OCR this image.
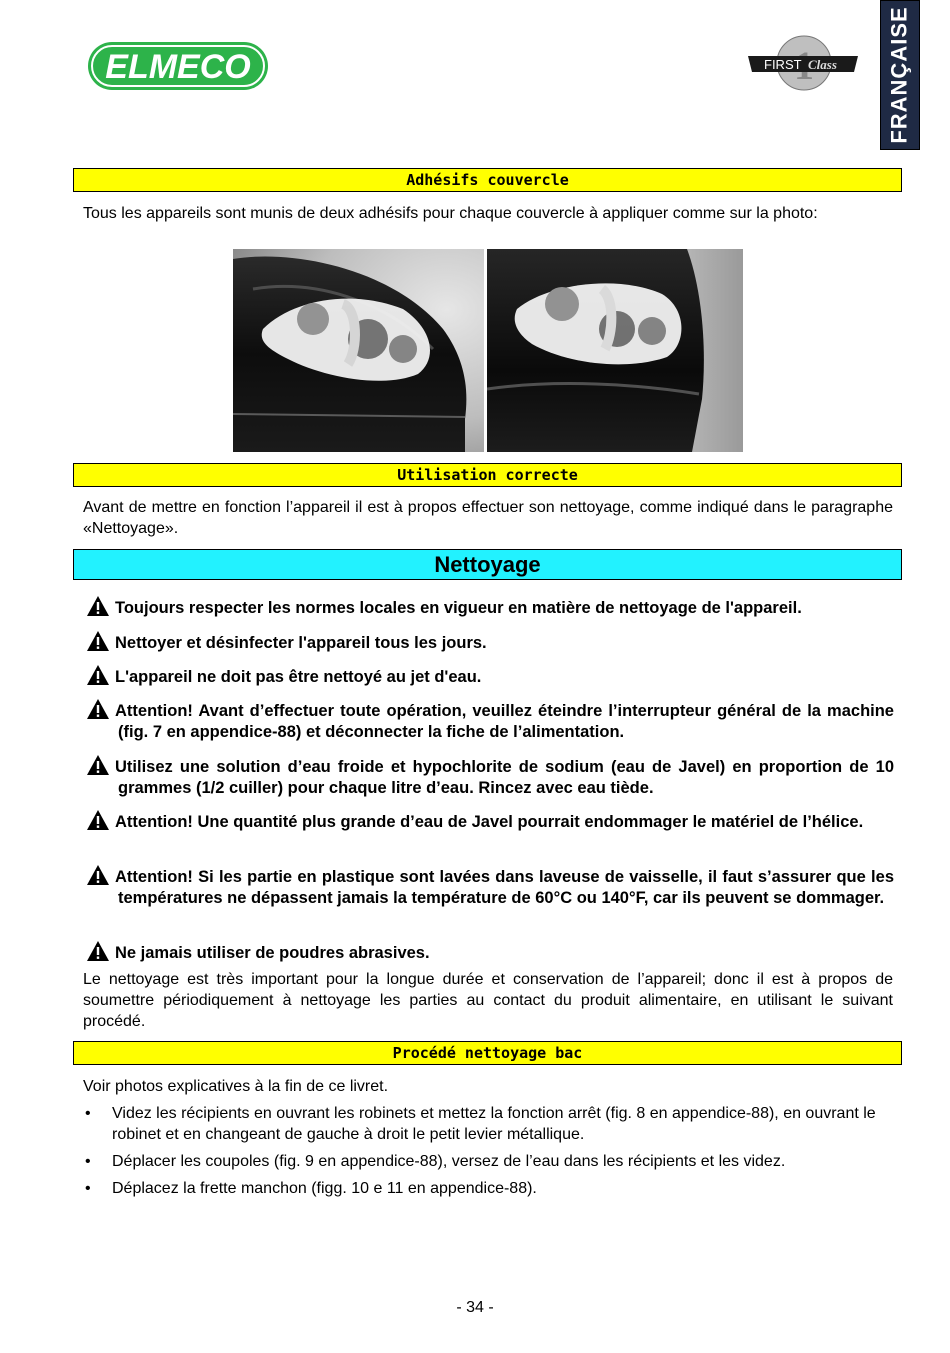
ELMECO	FIRST Class FRANÇAISE
Adhésifs couvercle

Tous les appareils sont munis de deux adhésifs pour chaque couvercle à appliquer comme sur la photo:

Utilisation correcte

Avant de mettre en fonction l’appareil il est à propos effectuer son nettoyage, comme indiqué dans le paragraphe «Nettoyage».

Nettoyage
Toujours respecter les normes locales en vigueur en matière de nettoyage de l'appareil.
Nettoyer et désinfecter l'appareil tous les jours.
L'appareil ne doit pas être nettoyé au jet d'eau.
Attention! Avant d’effectuer toute opération, veuillez éteindre l’interrupteur général de la machine (fig. 7 en appendice-88) et déconnecter la fiche de l’alimentation.
Utilisez une solution d’eau froide et hypochlorite de sodium (eau de Javel) en proportion de 10 grammes (1/2 cuiller) pour chaque litre d’eau. Rincez avec eau tiède.
Attention! Une quantité plus grande d’eau de Javel pourrait endommager le matériel de l’hélice.
Attention! Si les partie en plastique sont lavées dans laveuse de vaisselle, il faut s’assurer que les températures ne dépassent jamais la température de 60°C ou 140°F, car ils peuvent se dommager.
Ne jamais utiliser de poudres abrasives.

Le nettoyage est très important pour la longue durée et conservation de l’appareil; donc il est à propos de soumettre périodiquement à nettoyage les parties au contact du produit alimentaire, en utilisant le suivant procédé.

Procédé nettoyage bac

Voir photos explicatives à la fin de ce livret.

• Videz les récipients en ouvrant les robinets et mettez la fonction arrêt (fig. 8 en appendice-88), en ouvrant le robinet et en changeant de gauche à droit le petit levier métallique.
• Déplacer les coupoles (fig. 9 en appendice-88), versez de l’eau dans les récipients et les videz.
• Déplacez la frette manchon (figg. 10 e 11 en appendice-88).
- 34 -
